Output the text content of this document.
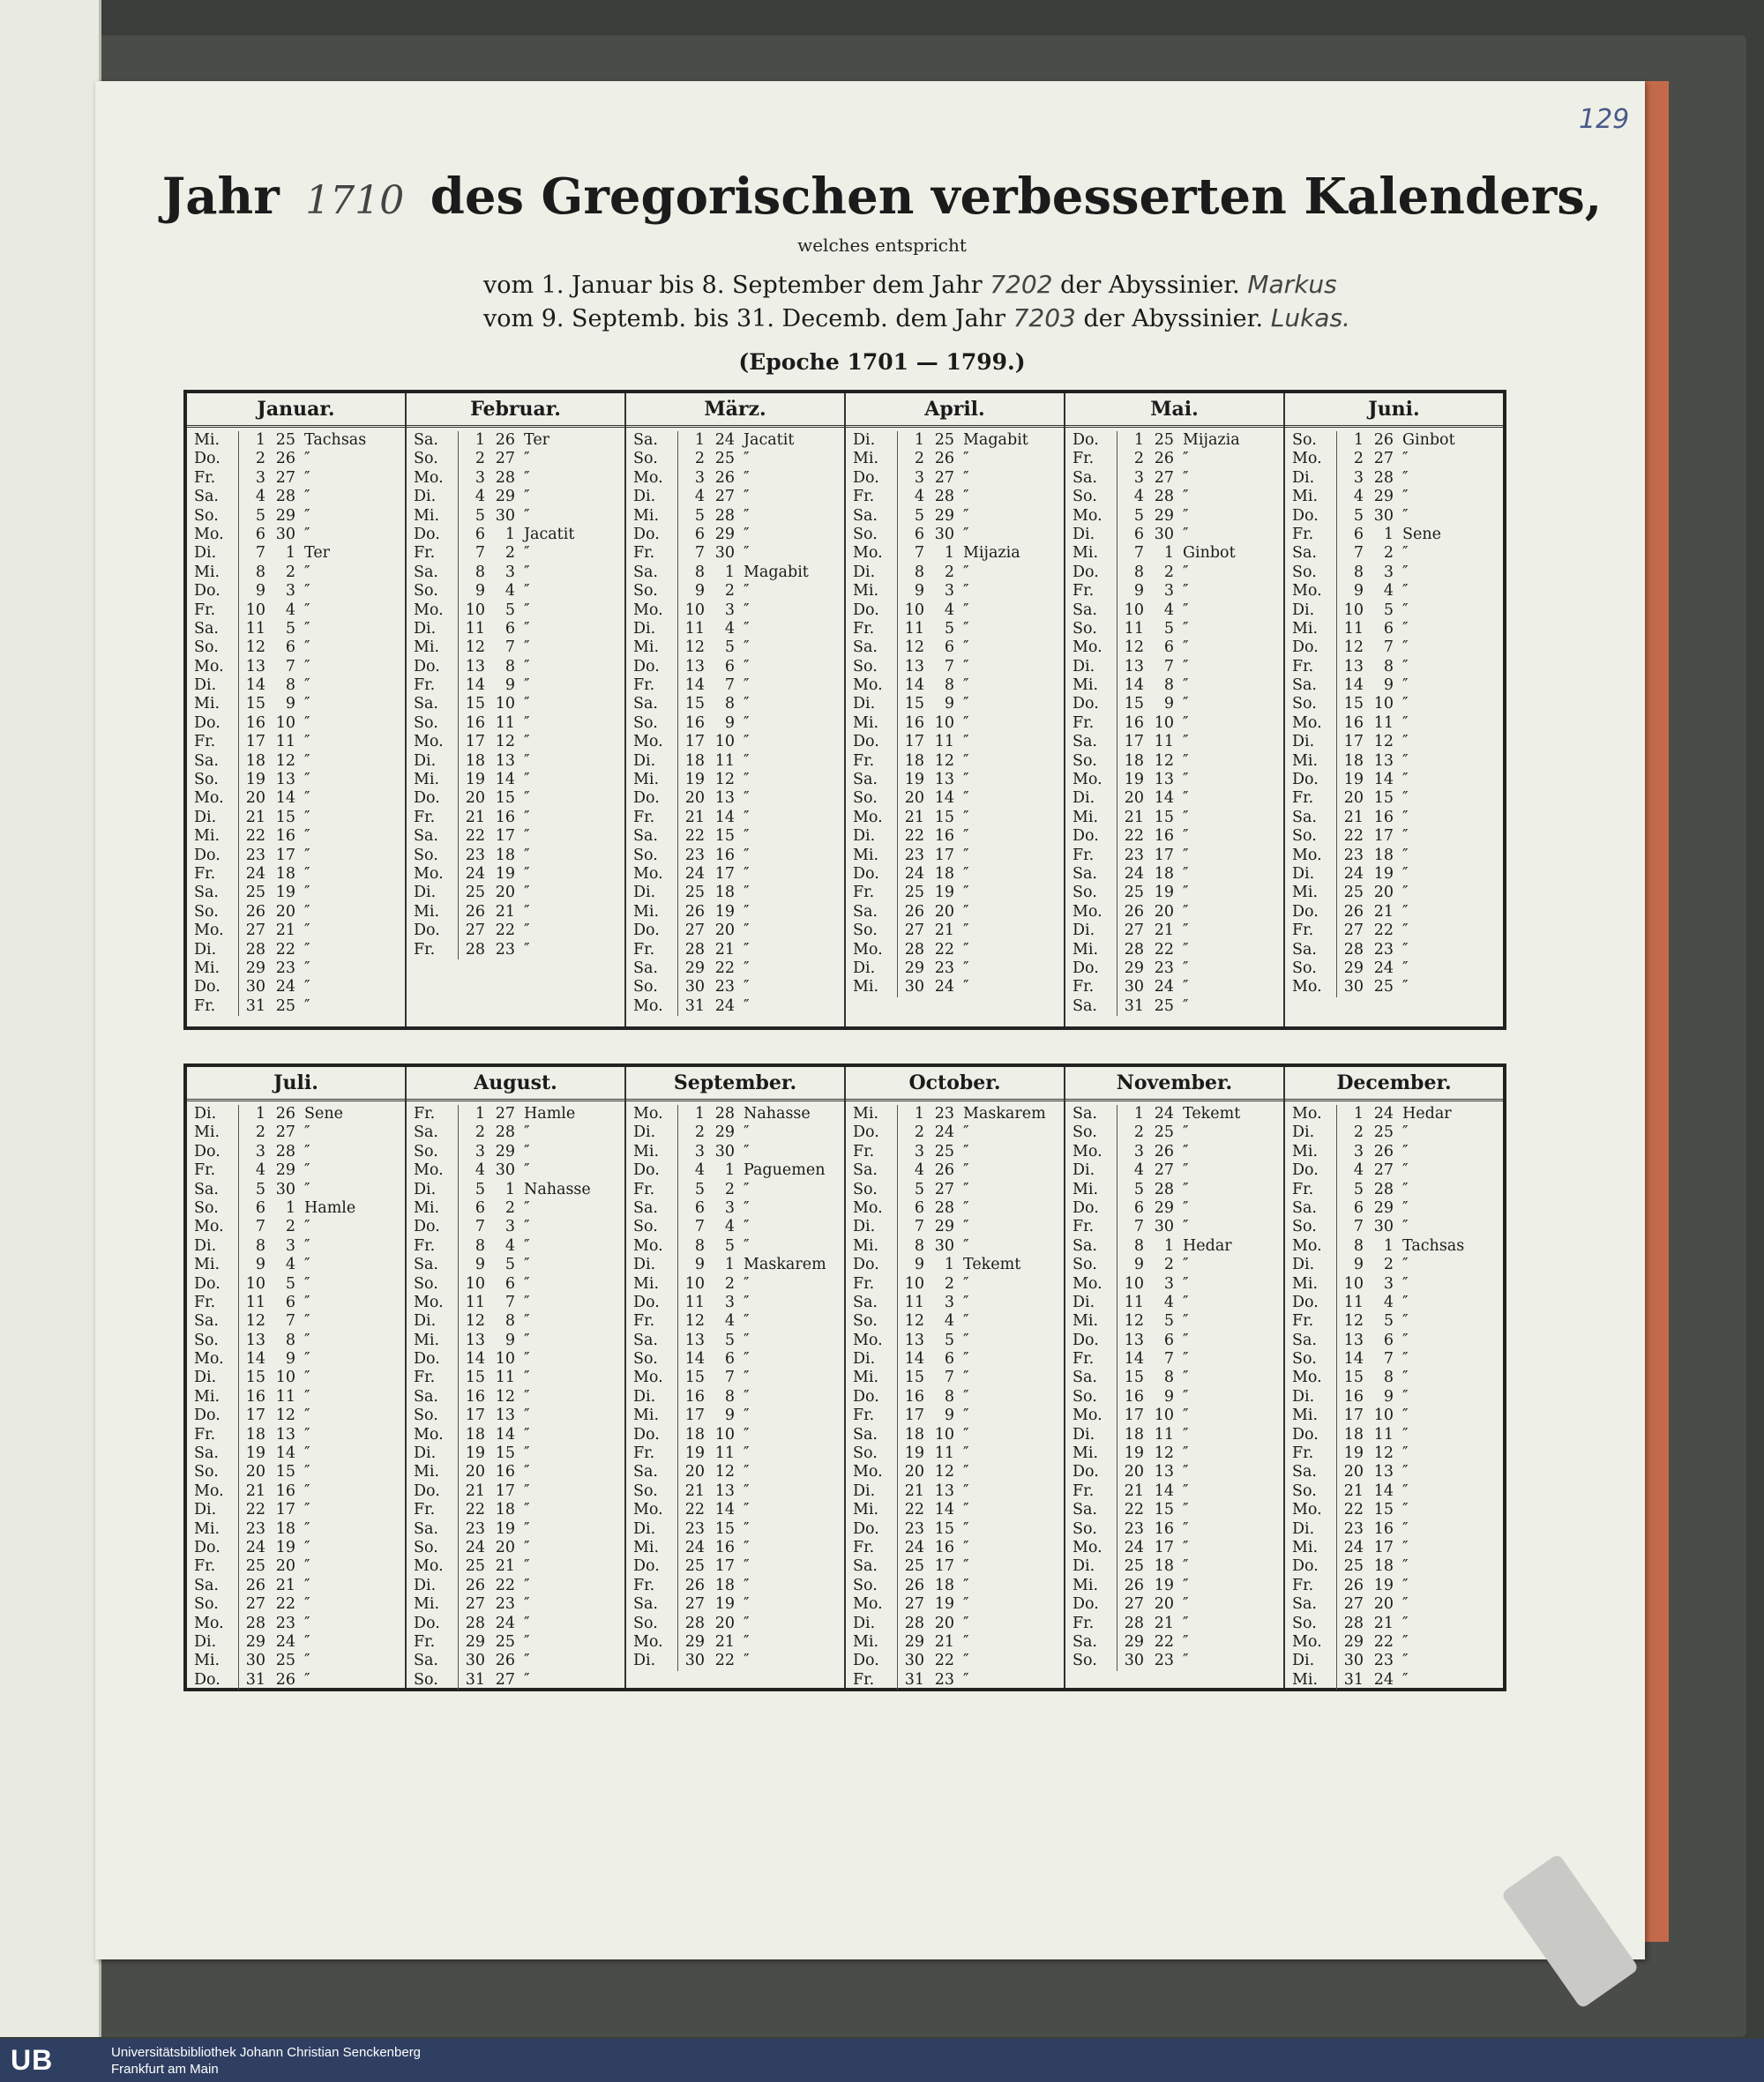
129
Jahr 1710 des Gregorischen verbesserten Kalenders,
welches entspricht
vom 1. Januar bis 8. September dem Jahr 7202 der Abyssinier. Markus
vom 9. Septemb. bis 31. Decemb. dem Jahr 7203 der Abyssinier. Lukas.
(Epoche 1701 — 1799.)
Januar.
Mi.	1 25 Tachsas
Do.	2 26 ″
Fr.	3 27 ″
Sa.	4 28 ″
So.	5 29 ″
Mo.	6 30 ″
Di.	7	1 Ter
Mi.	8	2 ″
Do.	9	3 ″
Fr.	10	4 ″
Sa.	11	5 ″
So.	12	6 ″
Mo.	13	7 ″
Di.	14	8 ″
Mi.	15	9 ″
Do.	16 10 ″
Fr.	17 11 ″
Sa.	18 12 ″
So.	19 13 ″
Mo.	20 14 ″
Di.	21 15 ″
Mi.	22 16 ″
Do.	23 17 ″
Fr.	24 18 ″
Sa.	25 19 ″
So.	26 20 ″
Mo.	27 21 ″
Di.	28 22 ″
Mi.	29 23 ″
Do.	30 24 ″
Fr.	31 25 ″
Februar.
Sa.	1 26 Ter
So.	2 27 ″
Mo.	3 28 ″
Di.	4 29 ″
Mi.	5 30 ″
Do.	6	1 Jacatit
Fr.	7	2 ″
Sa.	8	3 ″
So.	9	4 ″
Mo.	10	5 ″
Di.	11	6 ″
Mi.	12	7 ″
Do.	13	8 ″
Fr.	14	9 ″
Sa.	15 10 ″
So.	16 11 ″
Mo.	17 12 ″
Di.	18 13 ″
Mi.	19 14 ″
Do.	20 15 ″
Fr.	21 16 ″
Sa.	22 17 ″
So.	23 18 ″
Mo.	24 19 ″
Di.	25 20 ″
Mi.	26 21 ″
Do.	27 22 ″
Fr.	28 23 ″
März.
Sa.	1 24 Jacatit
So.	2 25 ″
Mo.	3 26 ″
Di.	4 27 ″
Mi.	5 28 ″
Do.	6 29 ″
Fr.	7 30 ″
Sa.	8	1 Magabit
So.	9	2 ″
Mo.	10	3 ″
Di.	11	4 ″
Mi.	12	5 ″
Do.	13	6 ″
Fr.	14	7 ″
Sa.	15	8 ″
So.	16	9 ″
Mo.	17 10 ″
Di.	18 11 ″
Mi.	19 12 ″
Do.	20 13 ″
Fr.	21 14 ″
Sa.	22 15 ″
So.	23 16 ″
Mo.	24 17 ″
Di.	25 18 ″
Mi.	26 19 ″
Do.	27 20 ″
Fr.	28 21 ″
Sa.	29 22 ″
So.	30 23 ″
Mo.	31 24 ″
April.
Di.	1 25 Magabit
Mi.	2 26 ″
Do.	3 27 ″
Fr.	4 28 ″
Sa.	5 29 ″
So.	6 30 ″
Mo.	7	1 Mijazia
Di.	8	2 ″
Mi.	9	3 ″
Do.	10	4 ″
Fr.	11	5 ″
Sa.	12	6 ″
So.	13	7 ″
Mo.	14	8 ″
Di.	15	9 ″
Mi.	16 10 ″
Do.	17 11 ″
Fr.	18 12 ″
Sa.	19 13 ″
So.	20 14 ″
Mo.	21 15 ″
Di.	22 16 ″
Mi.	23 17 ″
Do.	24 18 ″
Fr.	25 19 ″
Sa.	26 20 ″
So.	27 21 ″
Mo.	28 22 ″
Di.	29 23 ″
Mi.	30 24 ″
Mai.
Do.	1 25 Mijazia
Fr.	2 26 ″
Sa.	3 27 ″
So.	4 28 ″
Mo.	5 29 ″
Di.	6 30 ″
Mi.	7	1 Ginbot
Do.	8	2 ″
Fr.	9	3 ″
Sa.	10	4 ″
So.	11	5 ″
Mo.	12	6 ″
Di.	13	7 ″
Mi.	14	8 ″
Do.	15	9 ″
Fr.	16 10 ″
Sa.	17 11 ″
So.	18 12 ″
Mo.	19 13 ″
Di.	20 14 ″
Mi.	21 15 ″
Do.	22 16 ″
Fr.	23 17 ″
Sa.	24 18 ″
So.	25 19 ″
Mo.	26 20 ″
Di.	27 21 ″
Mi.	28 22 ″
Do.	29 23 ″
Fr.	30 24 ″
Sa.	31 25 ″
Juni.
So.	1 26 Ginbot
Mo.	2 27 ″
Di.	3 28 ″
Mi.	4 29 ″
Do.	5 30 ″
Fr.	6	1 Sene
Sa.	7	2 ″
So.	8	3 ″
Mo.	9	4 ″
Di.	10	5 ″
Mi.	11	6 ″
Do.	12	7 ″
Fr.	13	8 ″
Sa.	14	9 ″
So.	15 10 ″
Mo.	16 11 ″
Di.	17 12 ″
Mi.	18 13 ″
Do.	19 14 ″
Fr.	20 15 ″
Sa.	21 16 ″
So.	22 17 ″
Mo.	23 18 ″
Di.	24 19 ″
Mi.	25 20 ″
Do.	26 21 ″
Fr.	27 22 ″
Sa.	28 23 ″
So.	29 24 ″
Mo.	30 25 ″
Juli.
Di.	1 26 Sene
Mi.	2 27 ″
Do.	3 28 ″
Fr.	4 29 ″
Sa.	5 30 ″
So.	6	1 Hamle
Mo.	7	2 ″
Di.	8	3 ″
Mi.	9	4 ″
Do.	10	5 ″
Fr.	11	6 ″
Sa.	12	7 ″
So.	13	8 ″
Mo.	14	9 ″
Di.	15 10 ″
Mi.	16 11 ″
Do.	17 12 ″
Fr.	18 13 ″
Sa.	19 14 ″
So.	20 15 ″
Mo.	21 16 ″
Di.	22 17 ″
Mi.	23 18 ″
Do.	24 19 ″
Fr.	25 20 ″
Sa.	26 21 ″
So.	27 22 ″
Mo.	28 23 ″
Di.	29 24 ″
Mi.	30 25 ″
Do.	31 26 ″
August.
Fr.	1 27 Hamle
Sa.	2 28 ″
So.	3 29 ″
Mo.	4 30 ″
Di.	5	1 Nahasse
Mi.	6	2 ″
Do.	7	3 ″
Fr.	8	4 ″
Sa.	9	5 ″
So.	10	6 ″
Mo.	11	7 ″
Di.	12	8 ″
Mi.	13	9 ″
Do.	14 10 ″
Fr.	15 11 ″
Sa.	16 12 ″
So.	17 13 ″
Mo.	18 14 ″
Di.	19 15 ″
Mi.	20 16 ″
Do.	21 17 ″
Fr.	22 18 ″
Sa.	23 19 ″
So.	24 20 ″
Mo.	25 21 ″
Di.	26 22 ″
Mi.	27 23 ″
Do.	28 24 ″
Fr.	29 25 ″
Sa.	30 26 ″
So.	31 27 ″
September.
Mo.	1 28 Nahasse
Di.	2 29 ″
Mi.	3 30 ″
Do.	4	1 Paguemen
Fr.	5	2 ″
Sa.	6	3 ″
So.	7	4 ″
Mo.	8	5 ″
Di.	9	1 Maskarem
Mi.	10	2 ″
Do.	11	3 ″
Fr.	12	4 ″
Sa.	13	5 ″
So.	14	6 ″
Mo.	15	7 ″
Di.	16	8 ″
Mi.	17	9 ″
Do.	18 10 ″
Fr.	19 11 ″
Sa.	20 12 ″
So.	21 13 ″
Mo.	22 14 ″
Di.	23 15 ″
Mi.	24 16 ″
Do.	25 17 ″
Fr.	26 18 ″
Sa.	27 19 ″
So.	28 20 ″
Mo.	29 21 ″
Di.	30 22 ″
October.
Mi.	1 23 Maskarem
Do.	2 24 ″
Fr.	3 25 ″
Sa.	4 26 ″
So.	5 27 ″
Mo.	6 28 ″
Di.	7 29 ″
Mi.	8 30 ″
Do.	9	1 Tekemt
Fr.	10	2 ″
Sa.	11	3 ″
So.	12	4 ″
Mo.	13	5 ″
Di.	14	6 ″
Mi.	15	7 ″
Do.	16	8 ″
Fr.	17	9 ″
Sa.	18 10 ″
So.	19 11 ″
Mo.	20 12 ″
Di.	21 13 ″
Mi.	22 14 ″
Do.	23 15 ″
Fr.	24 16 ″
Sa.	25 17 ″
So.	26 18 ″
Mo.	27 19 ″
Di.	28 20 ″
Mi.	29 21 ″
Do.	30 22 ″
Fr.	31 23 ″
November.
Sa.	1 24 Tekemt
So.	2 25 ″
Mo.	3 26 ″
Di.	4 27 ″
Mi.	5 28 ″
Do.	6 29 ″
Fr.	7 30 ″
Sa.	8	1 Hedar
So.	9	2 ″
Mo.	10	3 ″
Di.	11	4 ″
Mi.	12	5 ″
Do.	13	6 ″
Fr.	14	7 ″
Sa.	15	8 ″
So.	16	9 ″
Mo.	17 10 ″
Di.	18 11 ″
Mi.	19 12 ″
Do.	20 13 ″
Fr.	21 14 ″
Sa.	22 15 ″
So.	23 16 ″
Mo.	24 17 ″
Di.	25 18 ″
Mi.	26 19 ″
Do.	27 20 ″
Fr.	28 21 ″
Sa.	29 22 ″
So.	30 23 ″
December.
Mo.	1 24 Hedar
Di.	2 25 ″
Mi.	3 26 ″
Do.	4 27 ″
Fr.	5 28 ″
Sa.	6 29 ″
So.	7 30 ″
Mo.	8	1 Tachsas
Di.	9	2 ″
Mi.	10	3 ″
Do.	11	4 ″
Fr.	12	5 ″
Sa.	13	6 ″
So.	14	7 ″
Mo.	15	8 ″
Di.	16	9 ″
Mi.	17 10 ″
Do.	18 11 ″
Fr.	19 12 ″
Sa.	20 13 ″
So.	21 14 ″
Mo.	22 15 ″
Di.	23 16 ″
Mi.	24 17 ″
Do.	25 18 ″
Fr.	26 19 ″
Sa.	27 20 ″
So.	28 21 ″
Mo.	29 22 ″
Di.	30 23 ″
Mi.	31 24 ″
UB	Universitätsbibliothek Johann Christian Senckenberg
Frankfurt am Main
